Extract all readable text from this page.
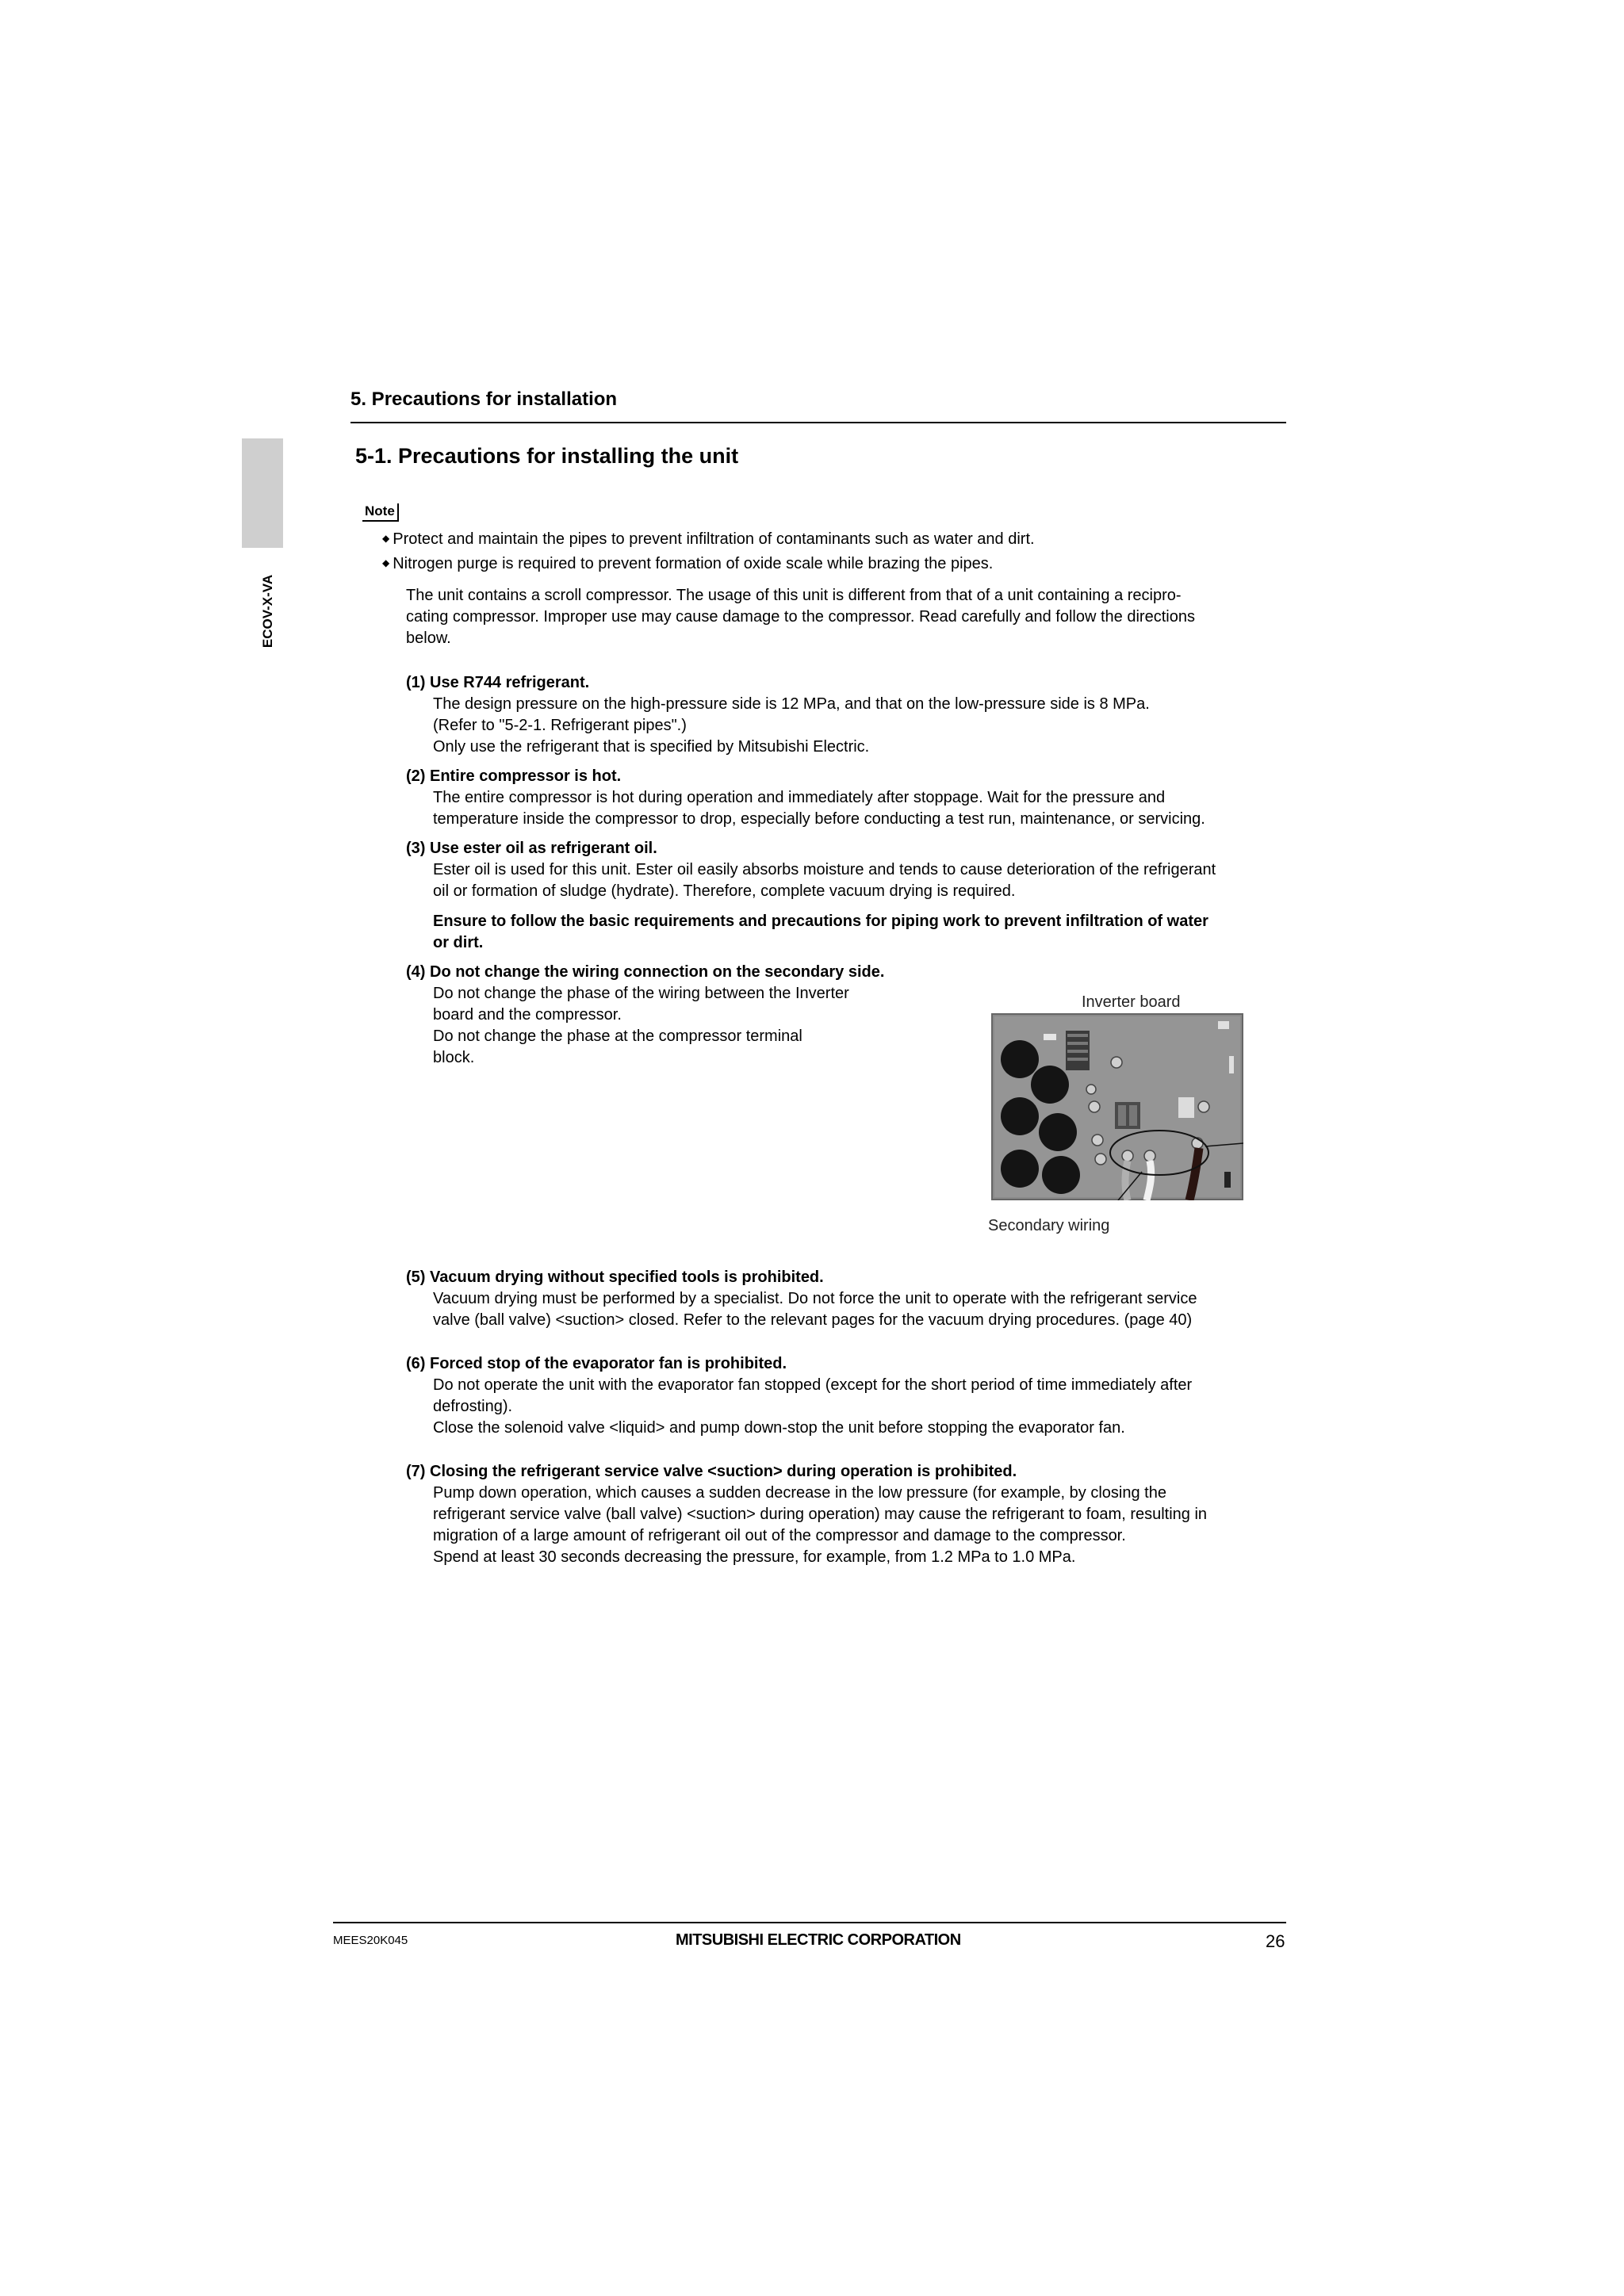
5. Precautions for installation
5-1. Precautions for installing the unit
ECOV-X-VA
Note
◆ Protect and maintain the pipes to prevent infiltration of contaminants such as water and dirt.
◆ Nitrogen purge is required to prevent formation of oxide scale while brazing the pipes.
The unit contains a scroll compressor. The usage of this unit is different from that of a unit containing a recipro-
cating compressor. Improper use may cause damage to the compressor. Read carefully and follow the directions
below.
(1) Use R744 refrigerant.
The design pressure on the high-pressure side is 12 MPa, and that on the low-pressure side is 8 MPa.
(Refer to "5-2-1. Refrigerant pipes".)
Only use the refrigerant that is specified by Mitsubishi Electric.
(2) Entire compressor is hot.
The entire compressor is hot during operation and immediately after stoppage. Wait for the pressure and
temperature inside the compressor to drop, especially before conducting a test run, maintenance, or servicing.
(3) Use ester oil as refrigerant oil.
Ester oil is used for this unit. Ester oil easily absorbs moisture and tends to cause deterioration of the refrigerant
oil or formation of sludge (hydrate). Therefore, complete vacuum drying is required.
Ensure to follow the basic requirements and precautions for piping work to prevent infiltration of water
or dirt.
(4) Do not change the wiring connection on the secondary side.
Do not change the phase of the wiring between the Inverter
board and the compressor.
Do not change the phase at the compressor terminal
block.
Inverter board
Secondary wiring
(5) Vacuum drying without specified tools is prohibited.
Vacuum drying must be performed by a specialist. Do not force the unit to operate with the refrigerant service
valve (ball valve) <suction> closed. Refer to the relevant pages for the vacuum drying procedures. (page 40)
(6) Forced stop of the evaporator fan is prohibited.
Do not operate the unit with the evaporator fan stopped (except for the short period of time immediately after
defrosting).
Close the solenoid valve <liquid> and pump down-stop the unit before stopping the evaporator fan.
(7) Closing the refrigerant service valve <suction> during operation is prohibited.
Pump down operation, which causes a sudden decrease in the low pressure (for example, by closing the
refrigerant service valve (ball valve) <suction> during operation) may cause the refrigerant to foam, resulting in
migration of a large amount of refrigerant oil out of the compressor and damage to the compressor.
Spend at least 30 seconds decreasing the pressure, for example, from 1.2 MPa to 1.0 MPa.
MEES20K045	MITSUBISHI ELECTRIC CORPORATION	26
